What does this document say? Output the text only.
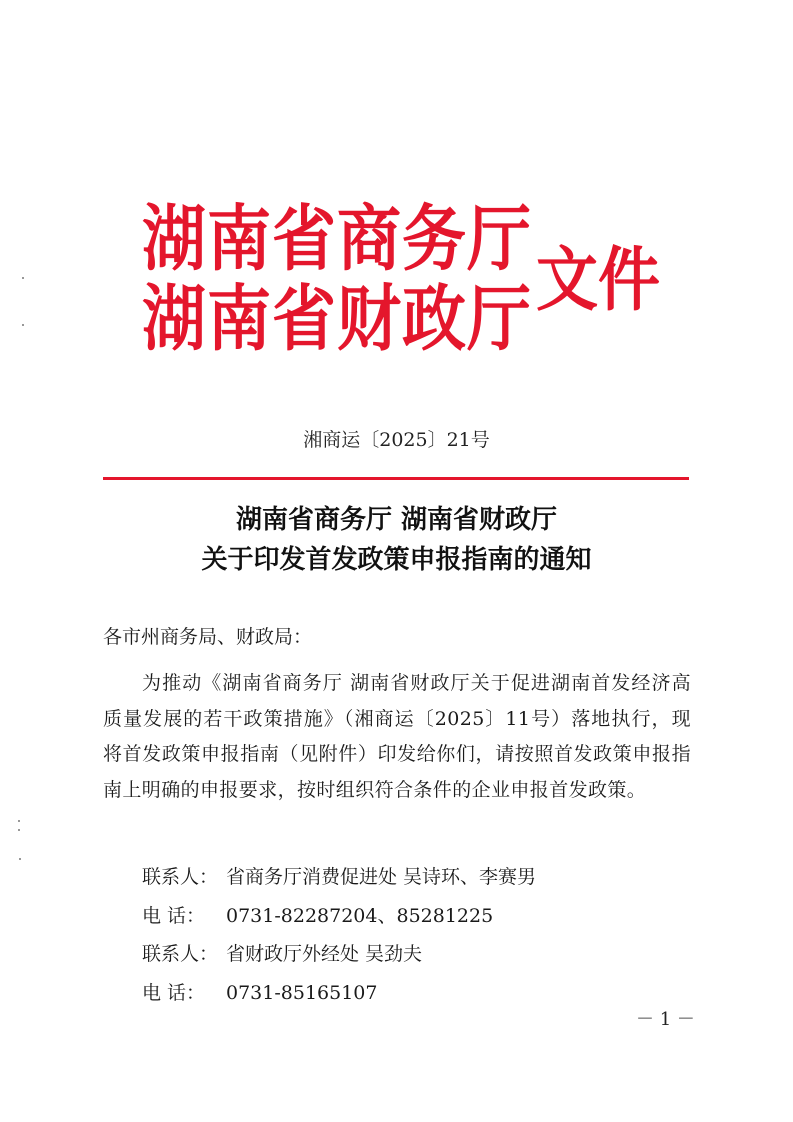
湖南省商务厅
湖南省财政厅 文件
湘商运〔2025〕21号
湖南省商务厅 湖南省财政厅
关于印发首发政策申报指南的通知
各市州商务局、财政局：
为推动《湖南省商务厅 湖南省财政厅关于促进湖南首发经济高质量发展的若干政策措施》（湘商运〔2025〕11号）落地执行，现将首发政策申报指南（见附件）印发给你们，请按照首发政策申报指南上明确的申报要求，按时组织符合条件的企业申报首发政策。
联系人： 省商务厅消费促进处 吴诗环、李赛男
电 话： 0731-82287204、85281225
联系人： 省财政厅外经处 吴劲夫
电 话： 0731-85165107
－ 1 －
